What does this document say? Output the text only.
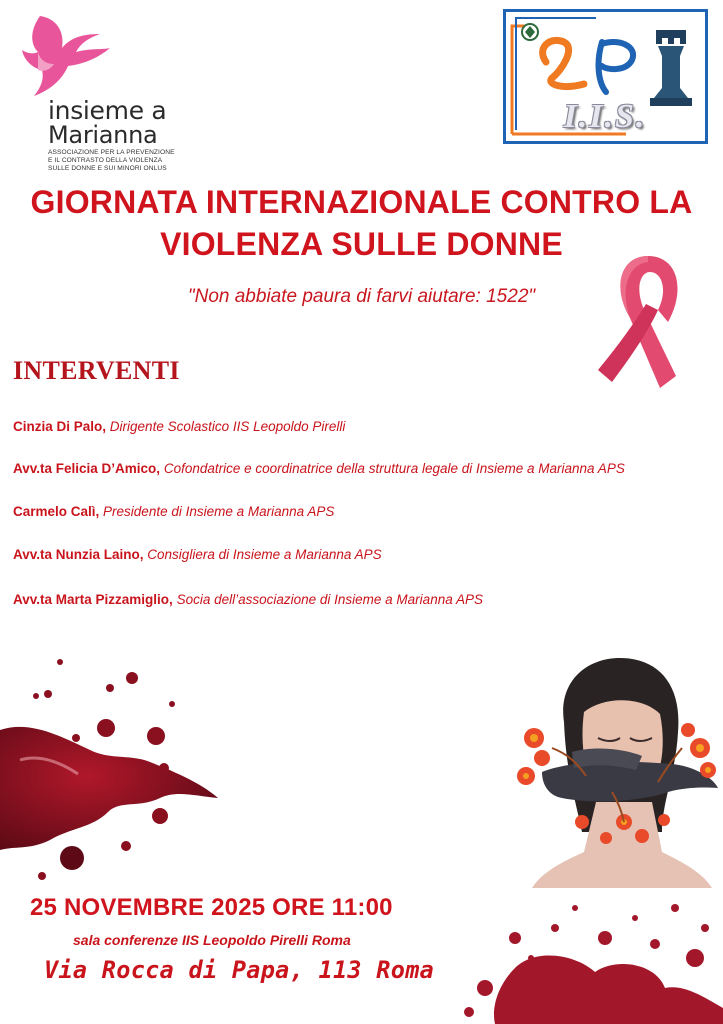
insieme a
Marianna
ASSOCIAZIONE PER LA PREVENZIONE
E IL CONTRASTO DELLA VIOLENZA
SULLE DONNE E SUI MINORI ONLUS
I.I.S.
GIORNATA INTERNAZIONALE CONTRO LA
VIOLENZA SULLE DONNE
"Non abbiate paura di farvi aiutare: 1522"
INTERVENTI
Cinzia Di Palo, Dirigente Scolastico IIS Leopoldo Pirelli
Avv.ta Felicia D’Amico, Cofondatrice e coordinatrice della struttura legale di Insieme a Marianna APS
Carmelo Calì, Presidente di Insieme a Marianna APS
Avv.ta Nunzia Laino, Consigliera di Insieme a Marianna APS
Avv.ta Marta Pizzamiglio, Socia dell’associazione di Insieme a Marianna APS
25 NOVEMBRE 2025 ORE 11:00
sala conferenze IIS Leopoldo Pirelli Roma
Via Rocca di Papa, 113 Roma
